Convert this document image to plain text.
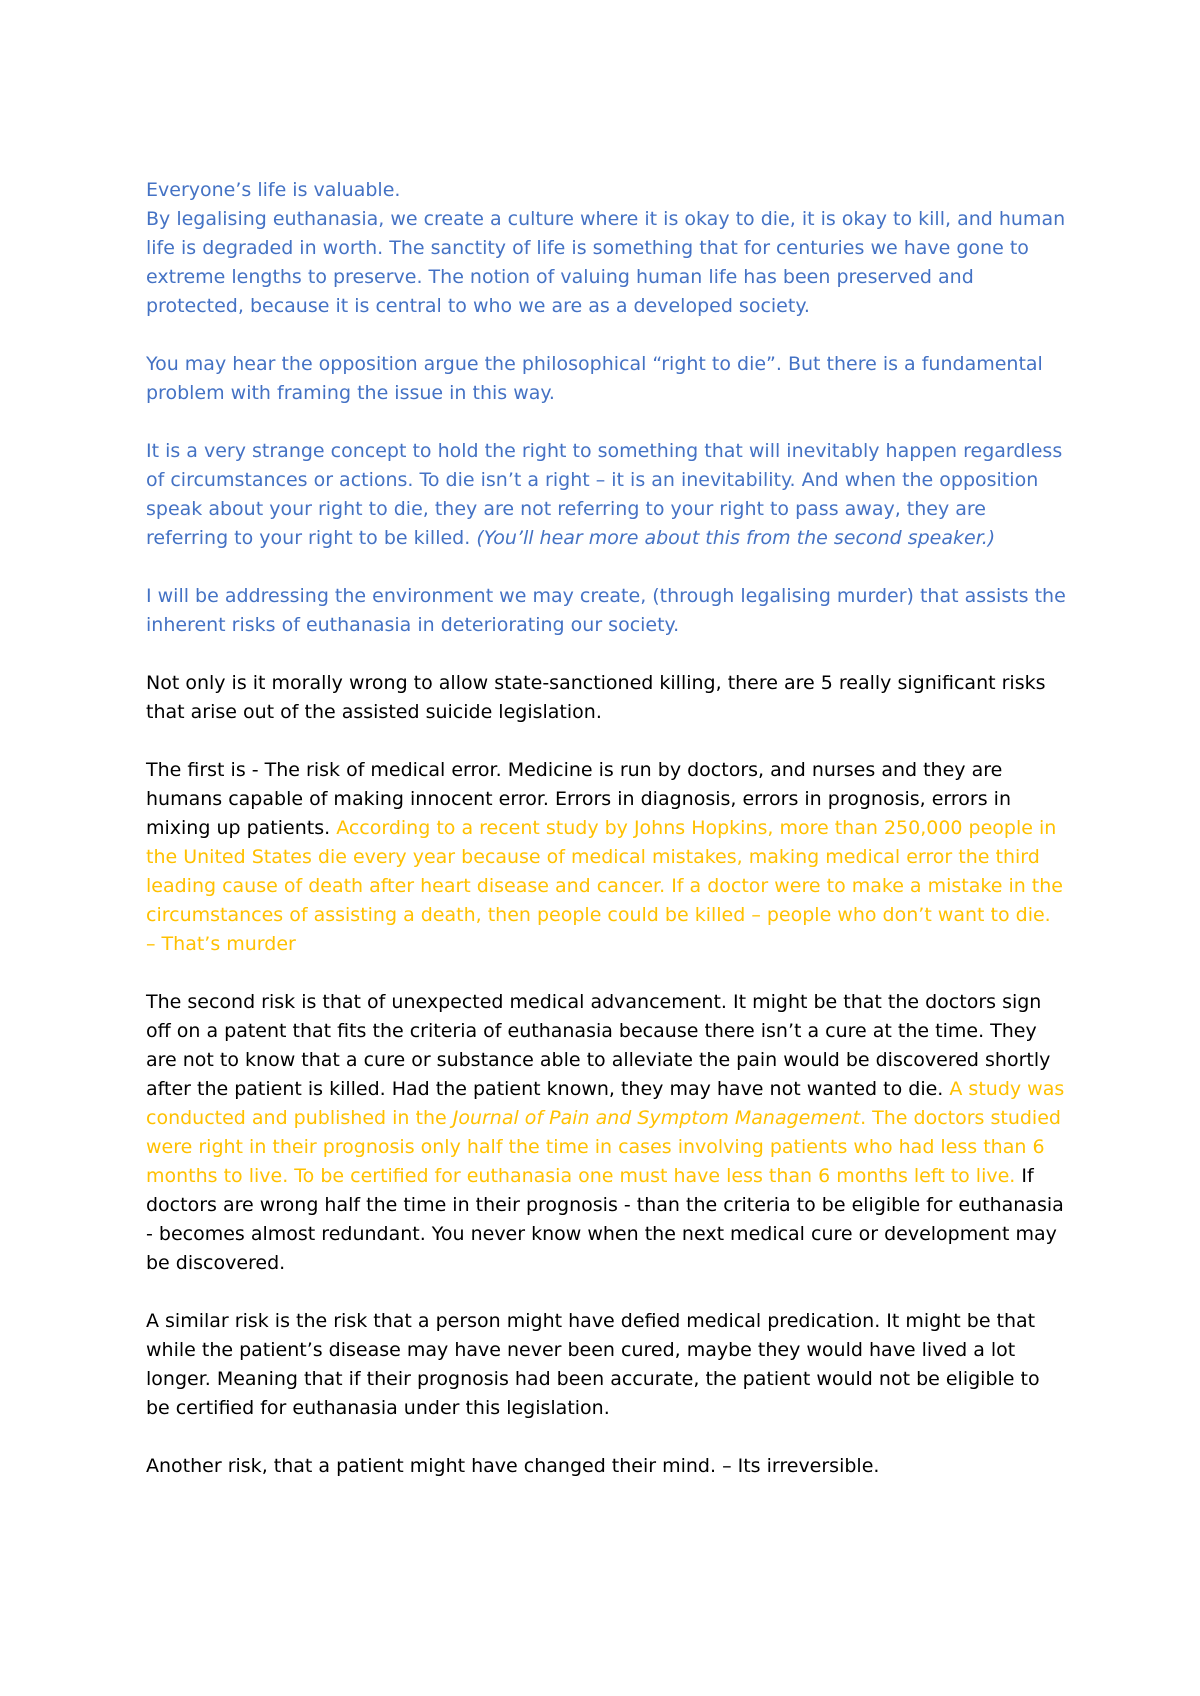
Everyone’s life is valuable.

By legalising euthanasia, we create a culture where it is okay to die, it is okay to kill, and human life is degraded in worth. The sanctity of life is something that for centuries we have gone to extreme lengths to preserve. The notion of valuing human life has been preserved and protected, because it is central to who we are as a developed society.

You may hear the opposition argue the philosophical “right to die”. But there is a fundamental problem with framing the issue in this way.

It is a very strange concept to hold the right to something that will inevitably happen regardless of circumstances or actions. To die isn’t a right – it is an inevitability. And when the opposition speak about your right to die, they are not referring to your right to pass away, they are referring to your right to be killed. (You’ll hear more about this from the second speaker.)

I will be addressing the environment we may create, (through legalising murder) that assists the inherent risks of euthanasia in deteriorating our society.

Not only is it morally wrong to allow state-sanctioned killing, there are 5 really significant risks that arise out of the assisted suicide legislation.

The first is - The risk of medical error. Medicine is run by doctors, and nurses and they are humans capable of making innocent error. Errors in diagnosis, errors in prognosis, errors in mixing up patients. According to a recent study by Johns Hopkins, more than 250,000 people in the United States die every year because of medical mistakes, making medical error the third leading cause of death after heart disease and cancer. If a doctor were to make a mistake in the circumstances of assisting a death, then people could be killed – people who don’t want to die. – That’s murder

The second risk is that of unexpected medical advancement. It might be that the doctors sign off on a patent that fits the criteria of euthanasia because there isn’t a cure at the time. They are not to know that a cure or substance able to alleviate the pain would be discovered shortly after the patient is killed. Had the patient known, they may have not wanted to die. A study was conducted and published in the Journal of Pain and Symptom Management. The doctors studied were right in their prognosis only half the time in cases involving patients who had less than 6 months to live. To be certified for euthanasia one must have less than 6 months left to live. If doctors are wrong half the time in their prognosis - than the criteria to be eligible for euthanasia - becomes almost redundant. You never know when the next medical cure or development may be discovered.

A similar risk is the risk that a person might have defied medical predication. It might be that while the patient’s disease may have never been cured, maybe they would have lived a lot longer. Meaning that if their prognosis had been accurate, the patient would not be eligible to be certified for euthanasia under this legislation.

Another risk, that a patient might have changed their mind. – Its irreversible.
